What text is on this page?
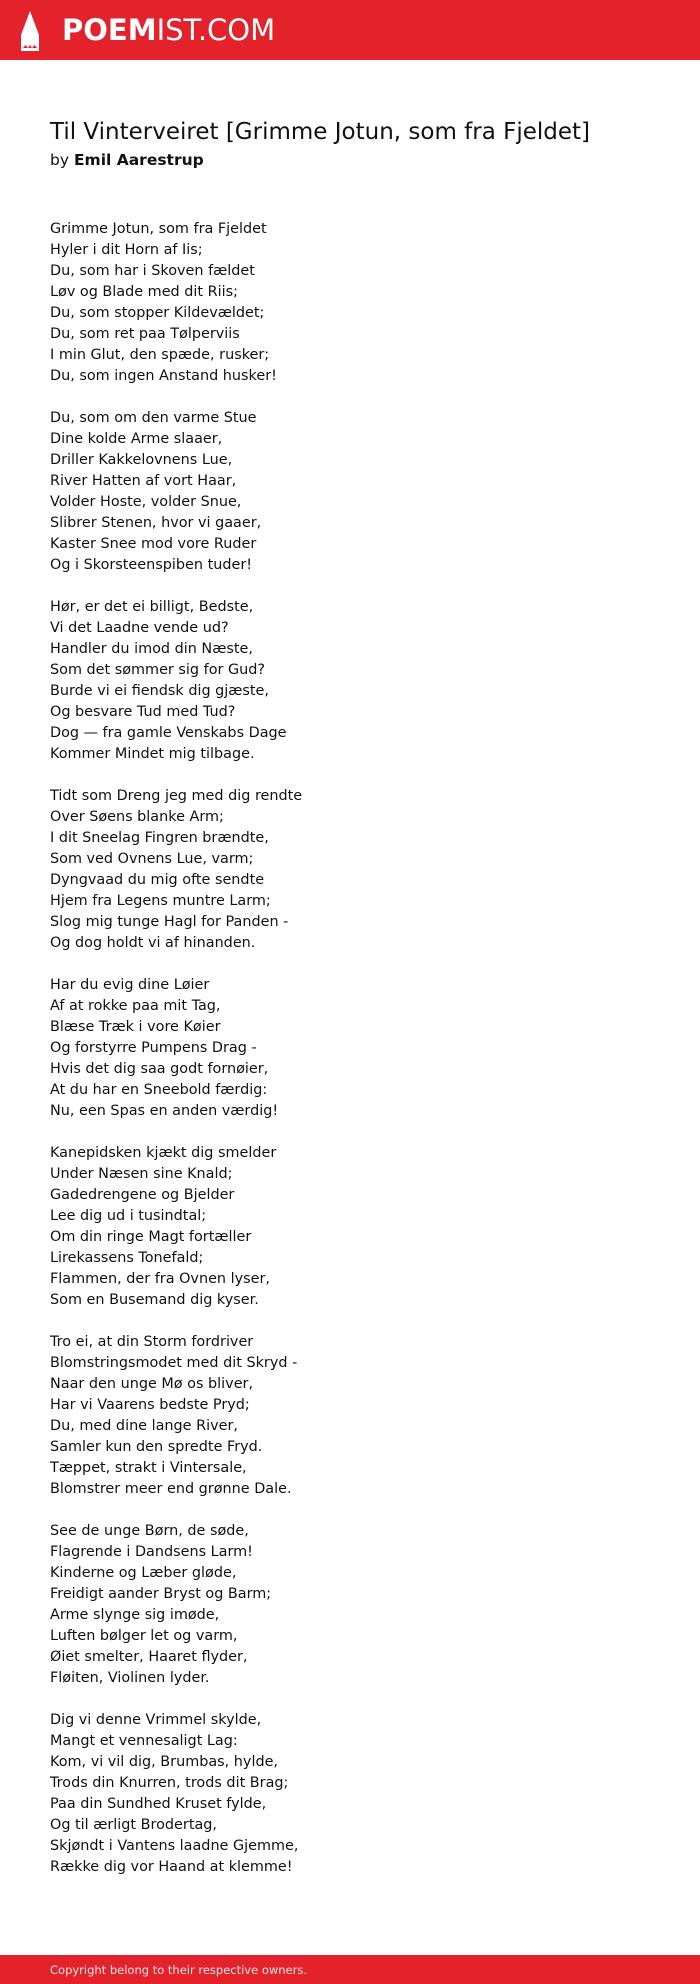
POEMIST.COM
Til Vinterveiret [Grimme Jotun, som fra Fjeldet]
by Emil Aarestrup
Grimme Jotun, som fra Fjeldet
Hyler i dit Horn af Iis;
Du, som har i Skoven fældet
Løv og Blade med dit Riis;
Du, som stopper Kildevældet;
Du, som ret paa Tølperviis
I min Glut, den spæde, rusker;
Du, som ingen Anstand husker!
Du, som om den varme Stue
Dine kolde Arme slaaer,
Driller Kakkelovnens Lue,
River Hatten af vort Haar,
Volder Hoste, volder Snue,
Slibrer Stenen, hvor vi gaaer,
Kaster Snee mod vore Ruder
Og i Skorsteenspiben tuder!
Hør, er det ei billigt, Bedste,
Vi det Laadne vende ud?
Handler du imod din Næste,
Som det sømmer sig for Gud?
Burde vi ei fiendsk dig gjæste,
Og besvare Tud med Tud?
Dog — fra gamle Venskabs Dage
Kommer Mindet mig tilbage.
Tidt som Dreng jeg med dig rendte
Over Søens blanke Arm;
I dit Sneelag Fingren brændte,
Som ved Ovnens Lue, varm;
Dyngvaad du mig ofte sendte
Hjem fra Legens muntre Larm;
Slog mig tunge Hagl for Panden -
Og dog holdt vi af hinanden.
Har du evig dine Løier
Af at rokke paa mit Tag,
Blæse Træk i vore Køier
Og forstyrre Pumpens Drag -
Hvis det dig saa godt fornøier,
At du har en Sneebold færdig:
Nu, een Spas en anden værdig!
Kanepidsken kjækt dig smelder
Under Næsen sine Knald;
Gadedrengene og Bjelder
Lee dig ud i tusindtal;
Om din ringe Magt fortæller
Lirekassens Tonefald;
Flammen, der fra Ovnen lyser,
Som en Busemand dig kyser.
Tro ei, at din Storm fordriver
Blomstringsmodet med dit Skryd -
Naar den unge Mø os bliver,
Har vi Vaarens bedste Pryd;
Du, med dine lange River,
Samler kun den spredte Fryd.
Tæppet, strakt i Vintersale,
Blomstrer meer end grønne Dale.
See de unge Børn, de søde,
Flagrende i Dandsens Larm!
Kinderne og Læber gløde,
Freidigt aander Bryst og Barm;
Arme slynge sig imøde,
Luften bølger let og varm,
Øiet smelter, Haaret flyder,
Fløiten, Violinen lyder.
Dig vi denne Vrimmel skylde,
Mangt et vennesaligt Lag:
Kom, vi vil dig, Brumbas, hylde,
Trods din Knurren, trods dit Brag;
Paa din Sundhed Kruset fylde,
Og til ærligt Brodertag,
Skjøndt i Vantens laadne Gjemme,
Række dig vor Haand at klemme!
Copyright belong to their respective owners.
